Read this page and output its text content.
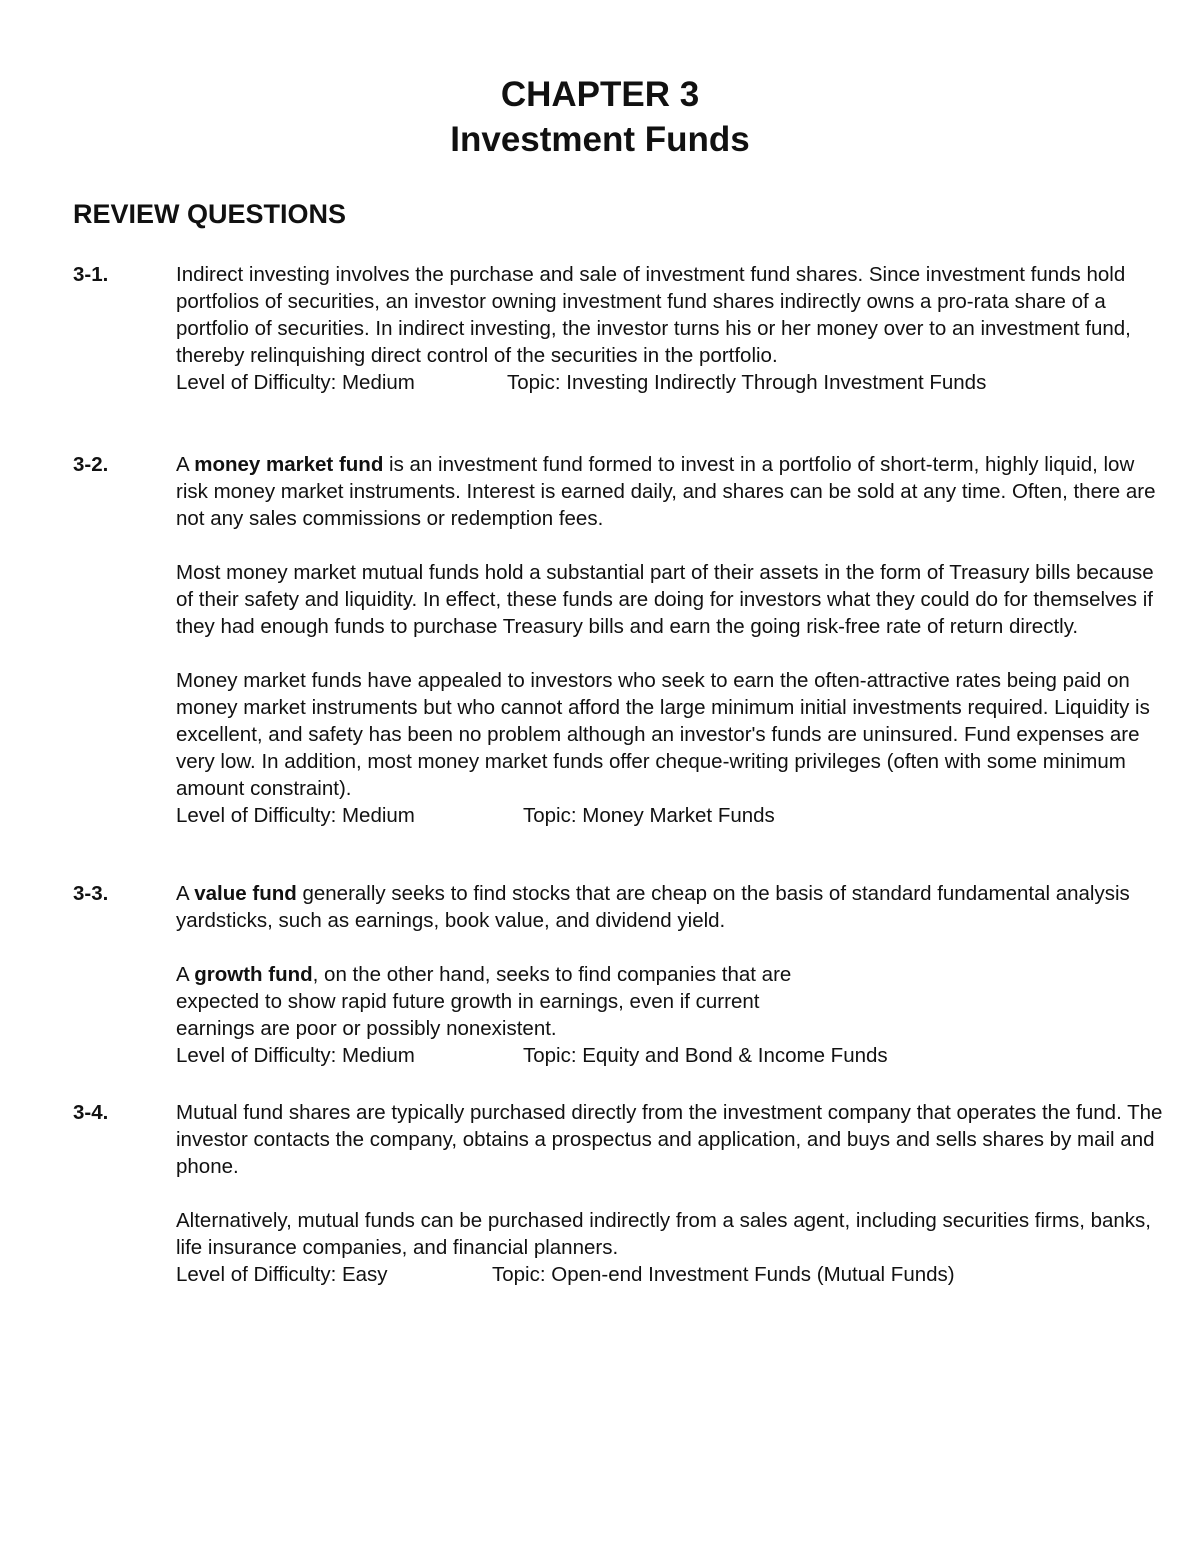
CHAPTER 3
Investment Funds
REVIEW QUESTIONS
3-1.	Indirect investing involves the purchase and sale of investment fund shares. Since investment funds hold portfolios of securities, an investor owning investment fund shares indirectly owns a pro-rata share of a portfolio of securities. In indirect investing, the investor turns his or her money over to an investment fund, thereby relinquishing direct control of the securities in the portfolio.

Level of Difficulty: Medium	Topic: Investing Indirectly Through Investment Funds
3-2.	A money market fund is an investment fund formed to invest in a portfolio of short-term, highly liquid, low risk money market instruments. Interest is earned daily, and shares can be sold at any time. Often, there are not any sales commissions or redemption fees.

Most money market mutual funds hold a substantial part of their assets in the form of Treasury bills because of their safety and liquidity. In effect, these funds are doing for investors what they could do for themselves if they had enough funds to purchase Treasury bills and earn the going risk-free rate of return directly.

Money market funds have appealed to investors who seek to earn the often-attractive rates being paid on money market instruments but who cannot afford the large minimum initial investments required. Liquidity is excellent, and safety has been no problem although an investor's funds are uninsured. Fund expenses are very low. In addition, most money market funds offer cheque-writing privileges (often with some minimum amount constraint).

Level of Difficulty: Medium	Topic: Money Market Funds
3-3.	A value fund generally seeks to find stocks that are cheap on the basis of standard fundamental analysis yardsticks, such as earnings, book value, and dividend yield.

A growth fund, on the other hand, seeks to find companies that are
expected to show rapid future growth in earnings, even if current
earnings are poor or possibly nonexistent.

Level of Difficulty: Medium	Topic: Equity and Bond & Income Funds
3-4.	Mutual fund shares are typically purchased directly from the investment company that operates the fund. The investor contacts the company, obtains a prospectus and application, and buys and sells shares by mail and phone.

Alternatively, mutual funds can be purchased indirectly from a sales agent, including securities firms, banks, life insurance companies, and financial planners.

Level of Difficulty: Easy	Topic: Open-end Investment Funds (Mutual Funds)
